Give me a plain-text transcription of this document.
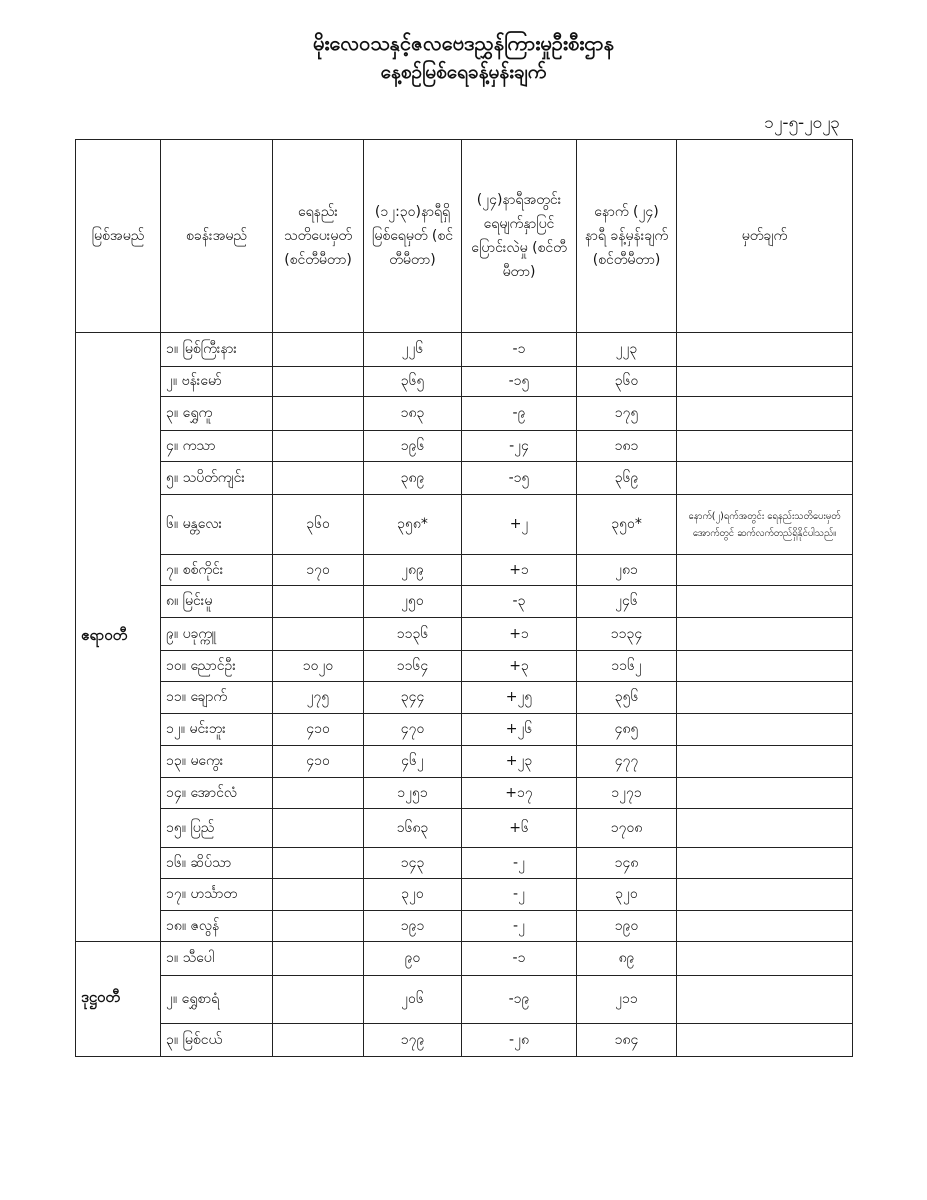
မိုးလေဝသနှင့်ဇလဗေဒညွှန်ကြားမှုဦးစီးဌာန
နေ့စဉ်မြစ်ရေခန့်မှန်းချက်
၁၂-၅-၂၀၂၃
မြစ်အမည်	စခန်းအမည်	ရေနည်း သတိပေးမှတ် (စင်တီမီတာ)	(၁၂:၃၀)နာရီရှိ မြစ်ရေမှတ် (စင်တီမီတာ)	(၂၄)နာရီအတွင်း ရေမျက်နှာပြင် ပြောင်းလဲမှု (စင်တီမီတာ)	နောက် (၂၄) နာရီ ခန့်မှန်းချက် (စင်တီမီတာ)	မှတ်ချက်
ဧရာဝတီ	၁။ မြစ်ကြီးနား		၂၂၆	-၁	၂၂၃	
	၂။ ဗန်းမော်		၃၆၅	-၁၅	၃၆၀	
	၃။ ရွှေကူ		၁၈၃	-၉	၁၇၅	
	၄။ ကသာ		၁၉၆	-၂၄	၁၈၁	
	၅။ သပိတ်ကျင်း		၃၈၉	-၁၅	၃၆၉	
	၆။ မန္တလေး	၃၆၀	၃၅၈*	+၂	၃၅၀*	နောက်(၂)ရက်အတွင်း ရေနည်းသတိပေးမှတ်အောက်တွင် ဆက်လက်တည်ရှိနိုင်ပါသည်။
	၇။ စစ်ကိုင်း	၁၇၀	၂၈၉	+၁	၂၈၁	
	၈။ မြင်းမူ		၂၅၀	-၃	၂၄၆	
	၉။ ပခုက္ကူ		၁၁၃၆	+၁	၁၁၃၄	
	၁၀။ ညောင်ဦး	၁၀၂၀	၁၁၆၄	+၃	၁၁၆၂	
	၁၁။ ချောက်	၂၇၅	၃၄၄	+၂၅	၃၅၆	
	၁၂။ မင်းဘူး	၄၁၀	၄၇၀	+၂၆	၄၈၅	
	၁၃။ မကွေး	၄၁၀	၄၆၂	+၂၃	၄၇၇	
	၁၄။ အောင်လံ		၁၂၅၁	+၁၇	၁၂၇၁	
	၁၅။ ပြည်		၁၆၈၃	+၆	၁၇၀၈	
	၁၆။ ဆိပ်သာ		၁၄၃	-၂	၁၄၈	
	၁၇။ ဟင်္သာတ		၃၂၀	-၂	၃၂၀	
	၁၈။ ဇလွန်		၁၉၁	-၂	၁၉၀	
ဒုဋ္ဌဝတီ	၁။ သီပေါ		၉၀	-၁	၈၉	
	၂။ ရွှေစာရံ		၂၀၆	-၁၉	၂၁၁	
	၃။ မြစ်ငယ်		၁၇၉	-၂၈	၁၈၄	
